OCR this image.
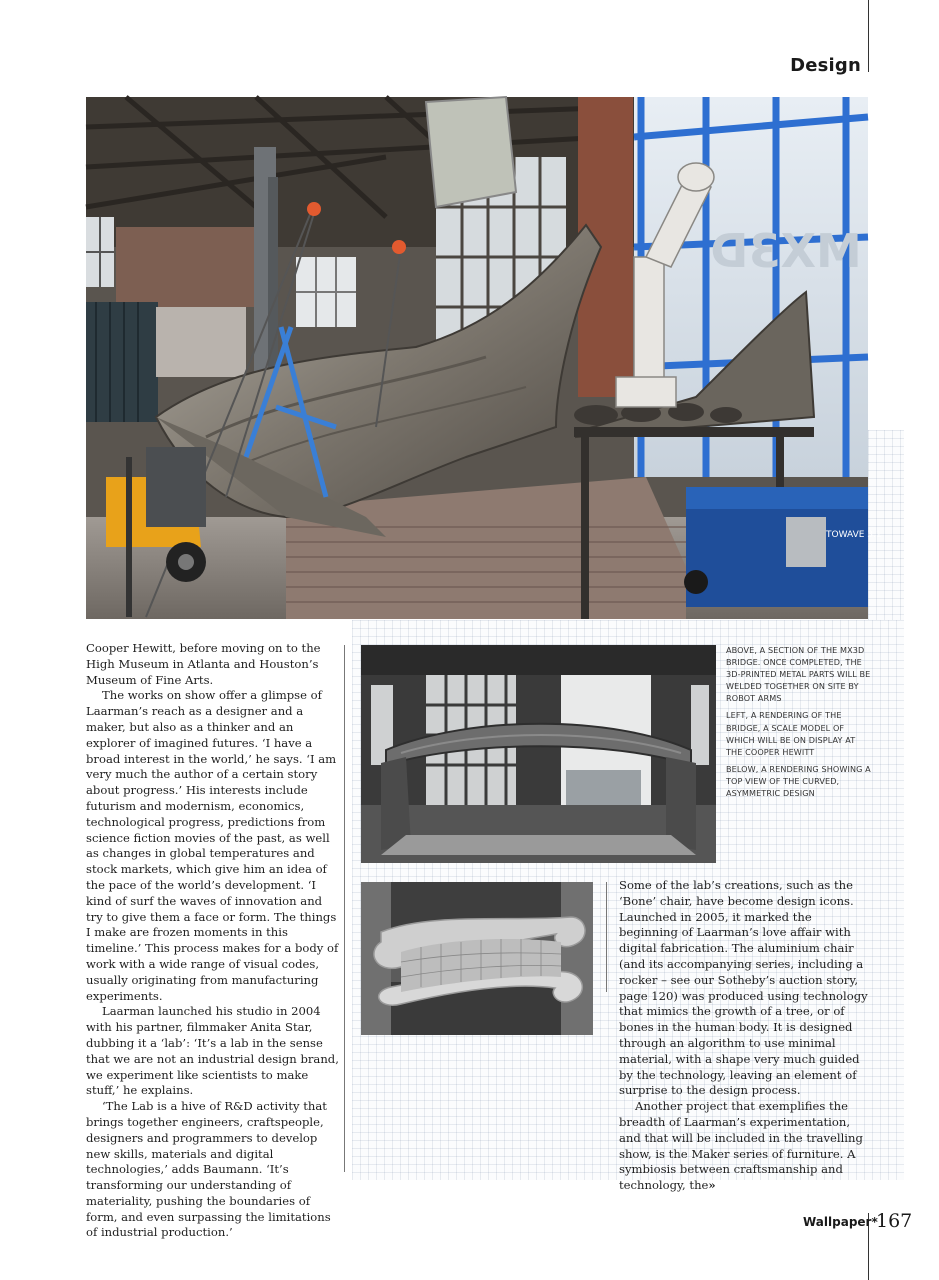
Design
MX3D
TOWAVE 3.1

Cooper Hewitt, before moving on to the High Museum in Atlanta and Houston’s Museum of Fine Arts.

The works on show offer a glimpse of Laarman’s reach as a designer and a maker, but also as a thinker and an explorer of imagined futures. ‘I have a broad interest in the world,’ he says. ‘I am very much the author of a certain story about progress.’ His interests include futurism and modernism, economics, technological progress, predictions from science fiction movies of the past, as well as changes in global temperatures and stock markets, which give him an idea of the pace of the world’s development. ‘I kind of surf the waves of innovation and try to give them a face or form. The things I make are frozen moments in this timeline.’ This process makes for a body of work with a wide range of visual codes, usually originating from manufacturing experiments.

Laarman launched his studio in 2004 with his partner, filmmaker Anita Star, dubbing it a ‘lab’: ‘It’s a lab in the sense that we are not an industrial design brand, we experiment like scientists to make stuff,’ he explains.

‘The Lab is a hive of R&D activity that brings together engineers, craftspeople, designers and programmers to develop new skills, materials and digital technologies,’ adds Baumann. ‘It’s transforming our understanding of materiality, pushing the boundaries of form, and even surpassing the limitations of industrial production.’

ABOVE, A SECTION OF THE MX3D BRIDGE. ONCE COMPLETED, THE 3D-PRINTED METAL PARTS WILL BE WELDED TOGETHER ON SITE BY ROBOT ARMS

LEFT, A RENDERING OF THE BRIDGE, A SCALE MODEL OF WHICH WILL BE ON DISPLAY AT THE COOPER HEWITT

BELOW, A RENDERING SHOWING A TOP VIEW OF THE CURVED, ASYMMETRIC DESIGN

Some of the lab’s creations, such as the ‘Bone’ chair, have become design icons. Launched in 2005, it marked the beginning of Laarman’s love affair with digital fabrication. The aluminium chair (and its accompanying series, including a rocker – see our Sotheby’s auction story, page 120) was produced using technology that mimics the growth of a tree, or of bones in the human body. It is designed through an algorithm to use minimal material, with a shape very much guided by the technology, leaving an element of surprise to the design process.

Another project that exemplifies the breadth of Laarman’s experimentation, and that will be included in the travelling show, is the Maker series of furniture. A symbiosis between craftsmanship and technology, the»

Wallpaper*
167
